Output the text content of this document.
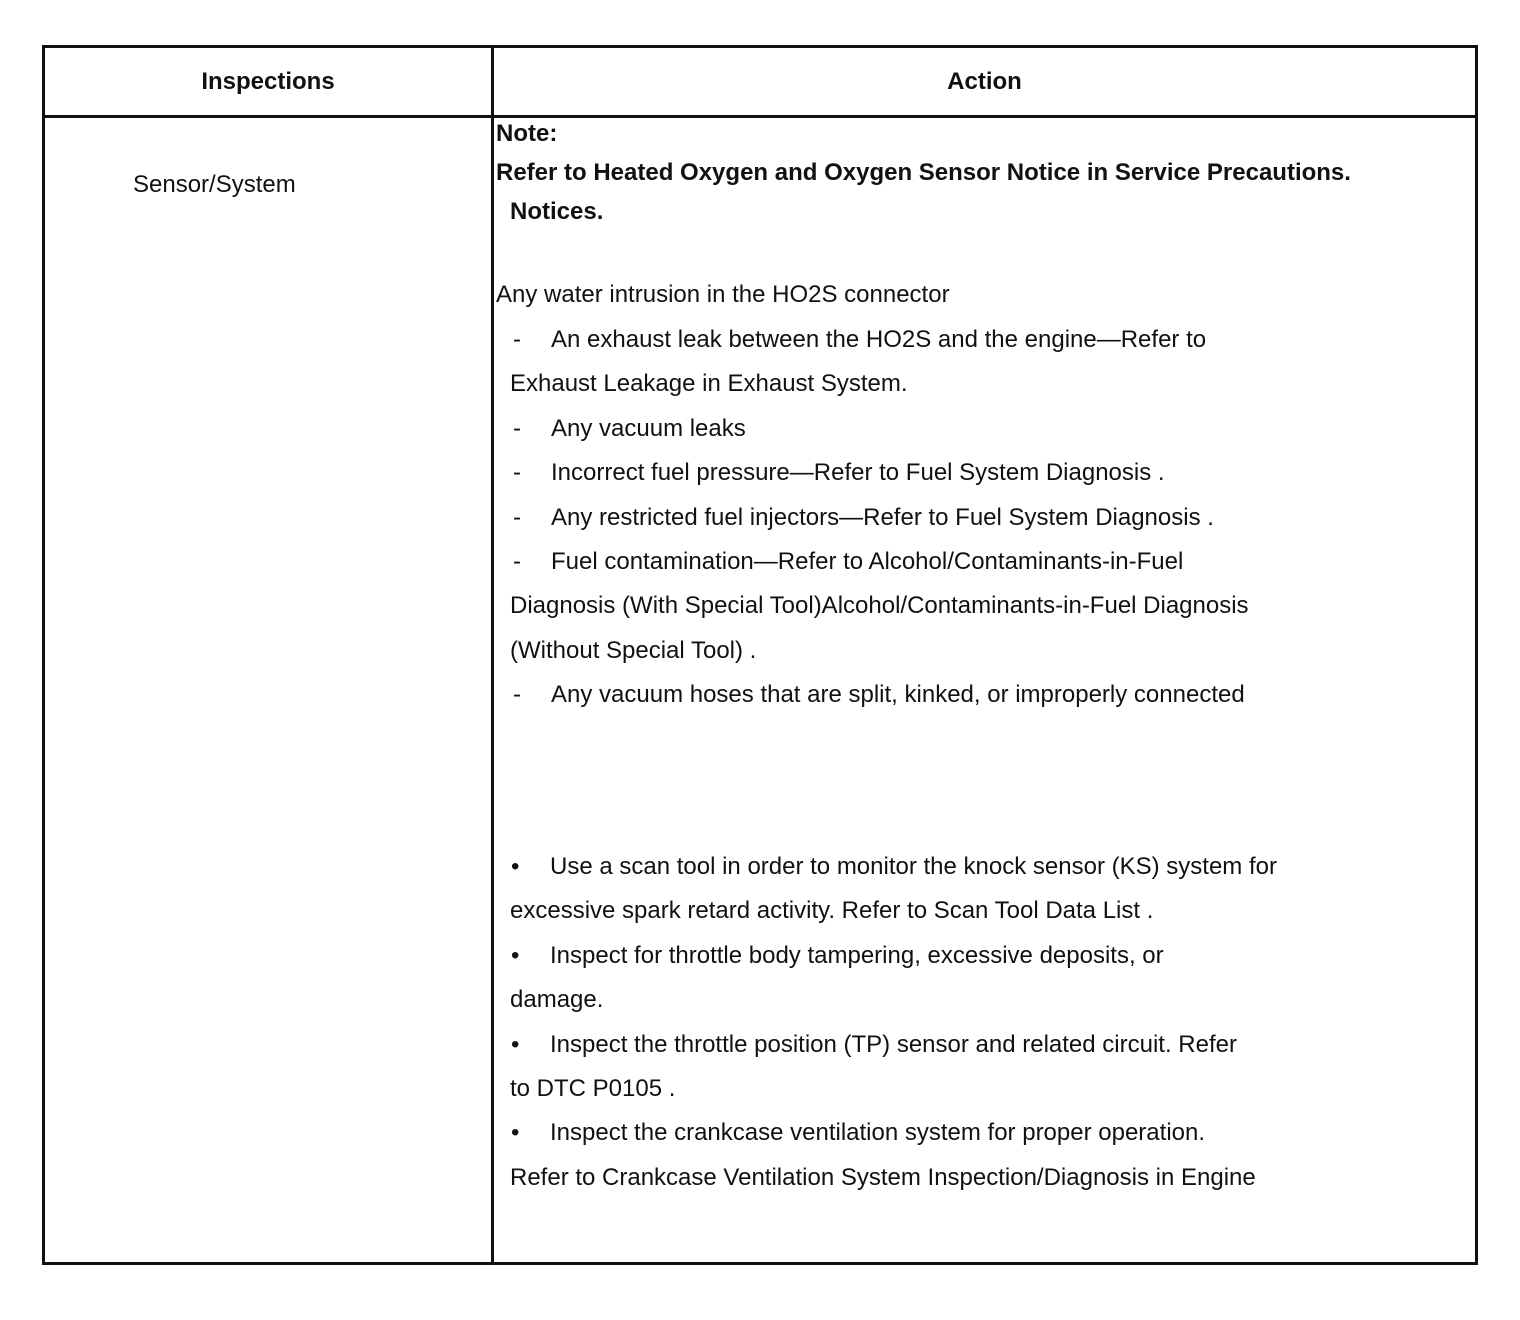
Inspections	Action
Sensor/System
Note:
Refer to Heated Oxygen and Oxygen Sensor Notice in Service Precautions.
Notices.
Any water intrusion in the HO2S connector
- An exhaust leak between the HO2S and the engine—Refer to
Exhaust Leakage in Exhaust System.
- Any vacuum leaks
- Incorrect fuel pressure—Refer to Fuel System Diagnosis .
- Any restricted fuel injectors—Refer to Fuel System Diagnosis .
- Fuel contamination—Refer to Alcohol/Contaminants-in-Fuel
Diagnosis (With Special Tool)Alcohol/Contaminants-in-Fuel Diagnosis
(Without Special Tool) .
- Any vacuum hoses that are split, kinked, or improperly connected
• Use a scan tool in order to monitor the knock sensor (KS) system for
excessive spark retard activity. Refer to Scan Tool Data List .
• Inspect for throttle body tampering, excessive deposits, or
damage.
• Inspect the throttle position (TP) sensor and related circuit. Refer
to DTC P0105 .
• Inspect the crankcase ventilation system for proper operation.
Refer to Crankcase Ventilation System Inspection/Diagnosis in Engine
